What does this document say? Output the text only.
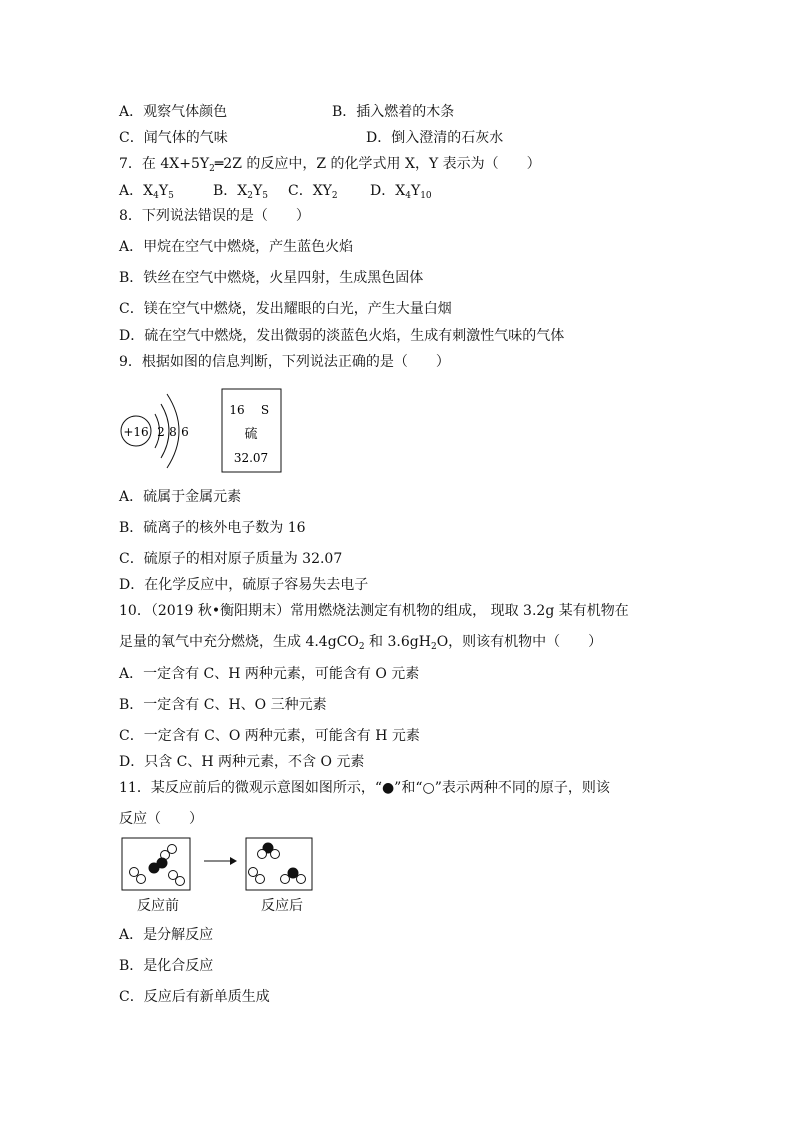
A．观察气体颜色	B．插入燃着的木条
C．闻气体的气味	D．倒入澄清的石灰水
7．在 $4X+5Y_2═2Z$ 的反应中，Z 的化学式用 X，Y 表示为（　　）
A．$X_4Y_5$	B．$X_2Y_5$ C．$XY_2$ D．$X_4Y_{10}$
8．下列说法错误的是（　　）
A．甲烷在空气中燃烧，产生蓝色火焰
B．铁丝在空气中燃烧，火星四射，生成黑色固体
C．镁在空气中燃烧，发出耀眼的白光，产生大量白烟
D．硫在空气中燃烧，发出微弱的淡蓝色火焰，生成有刺激性气味的气体
9．根据如图的信息判断，下列说法正确的是（　　）
+16 2 8 6
16 S
硫
32.07
A．硫属于金属元素
B．硫离子的核外电子数为 16
C．硫原子的相对原子质量为 32.07
D．在化学反应中，硫原子容易失去电子
10．（2019 秋•衡阳期末）常用燃烧法测定有机物的组成， 现取 3.2g 某有机物在
足量的氧气中充分燃烧，生成 4.4gCO$_2$ 和 $3.6gH_2O$，则该有机物中（　　）
A．一定含有 C、H 两种元素，可能含有 O 元素
B．一定含有 C、H、O 三种元素
C．一定含有 C、O 两种元素，可能含有 H 元素
D．只含 C、H 两种元素，不含 O 元素
11．某反应前后的微观示意图如图所示，“●”和“○”表示两种不同的原子，则该
反应（　　）
反应前	反应后
A．是分解反应
B．是化合反应
C．反应后有新单质生成
